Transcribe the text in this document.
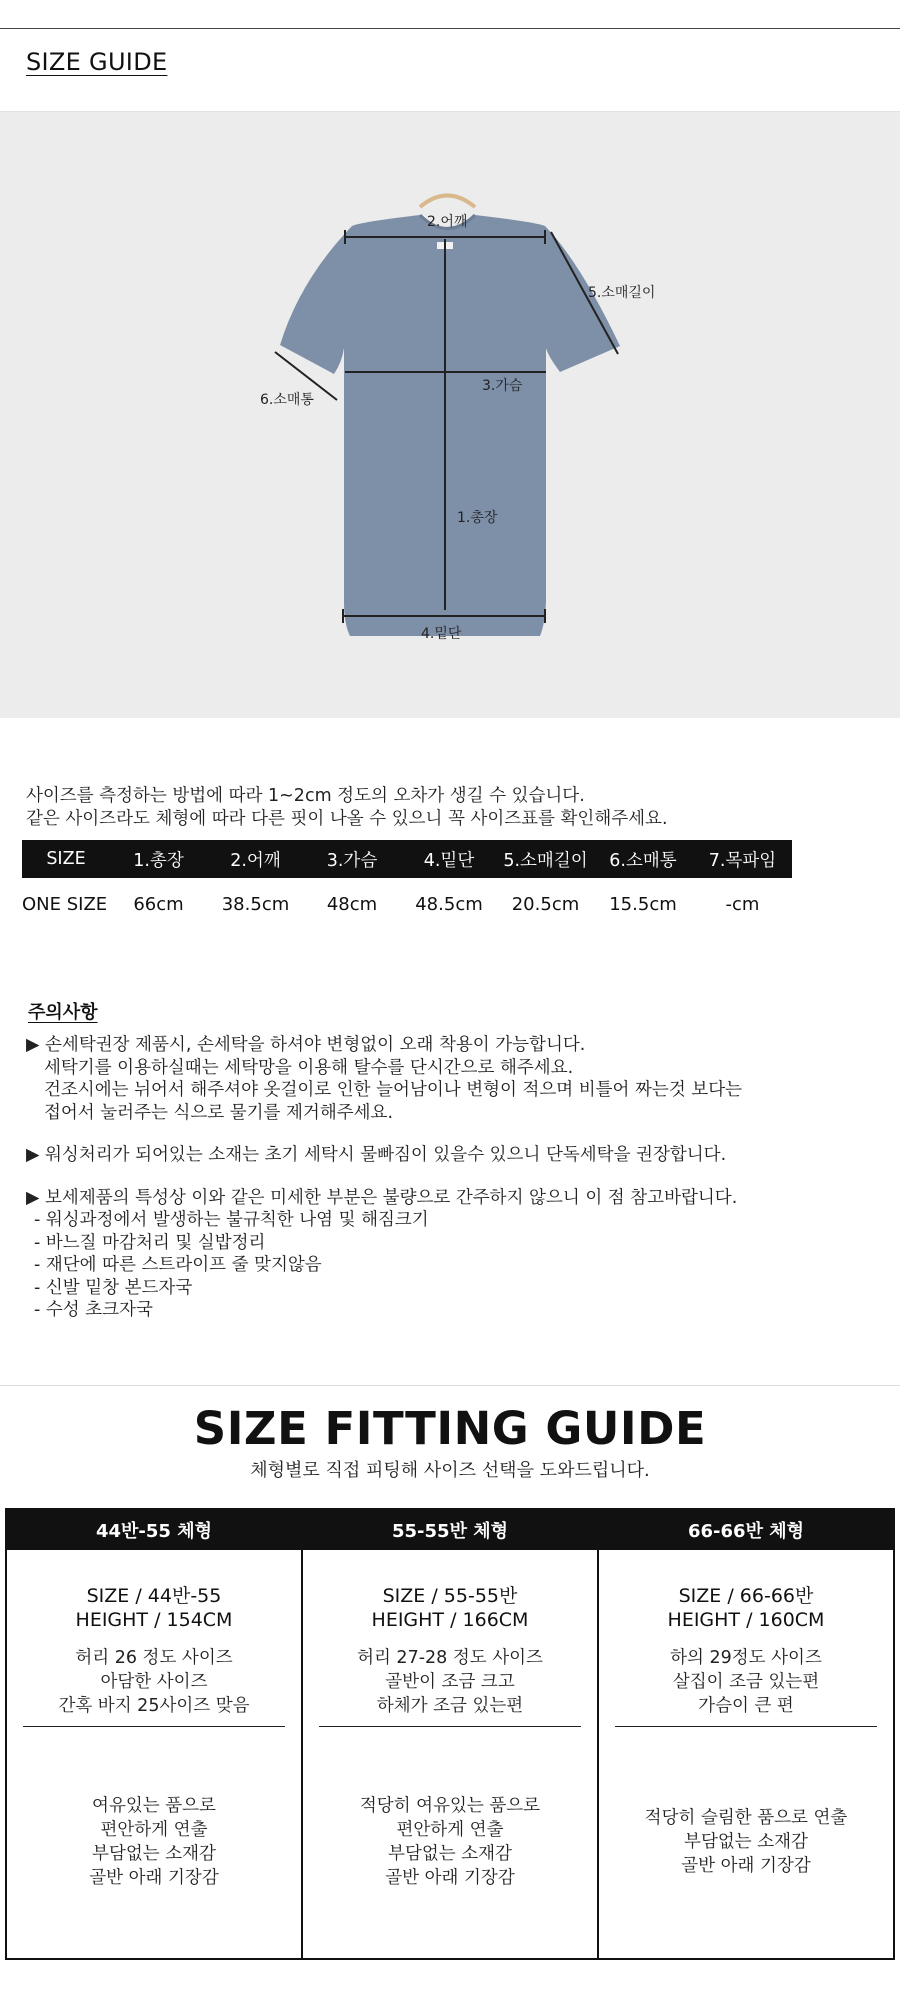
SIZE GUIDE
2.어깨
5.소매길이
3.가슴
6.소매통
1.총장
4.밑단
사이즈를 측정하는 방법에 따라 1~2cm 정도의 오차가 생길 수 있습니다.
같은 사이즈라도 체형에 따라 다른 핏이 나올 수 있으니 꼭 사이즈표를 확인해주세요.
SIZE	1.총장	2.어깨	3.가슴	4.밑단	5.소매길이	6.소매통	7.목파임
ONE SIZE	66cm	38.5cm	48cm	48.5cm	20.5cm	15.5cm	-cm
주의사항
▶ 손세탁권장 제품시, 손세탁을 하셔야 변형없이 오래 착용이 가능합니다.
세탁기를 이용하실때는 세탁망을 이용해 탈수를 단시간으로 해주세요.
건조시에는 뉘어서 해주셔야 옷걸이로 인한 늘어남이나 변형이 적으며 비틀어 짜는것 보다는
접어서 눌러주는 식으로 물기를 제거해주세요.
▶ 워싱처리가 되어있는 소재는 초기 세탁시 물빠짐이 있을수 있으니 단독세탁을 권장합니다.
▶ 보세제품의 특성상 이와 같은 미세한 부분은 불량으로 간주하지 않으니 이 점 참고바랍니다.
- 워싱과정에서 발생하는 불규칙한 나염 및 해짐크기
- 바느질 마감처리 및 실밥정리
- 재단에 따른 스트라이프 줄 맞지않음
- 신발 밑창 본드자국
- 수성 초크자국
SIZE FITTING GUIDE
체형별로 직접 피팅해 사이즈 선택을 도와드립니다.
44반-55 체형
SIZE / 44반-55
HEIGHT / 154CM
허리 26 정도 사이즈
아담한 사이즈
간혹 바지 25사이즈 맞음
여유있는 품으로
편안하게 연출
부담없는 소재감
골반 아래 기장감
55-55반 체형
SIZE / 55-55반
HEIGHT / 166CM
허리 27-28 정도 사이즈
골반이 조금 크고
하체가 조금 있는편
적당히 여유있는 품으로
편안하게 연출
부담없는 소재감
골반 아래 기장감
66-66반 체형
SIZE / 66-66반
HEIGHT / 160CM
하의 29정도 사이즈
살집이 조금 있는편
가슴이 큰 편
적당히 슬림한 품으로 연출
부담없는 소재감
골반 아래 기장감
